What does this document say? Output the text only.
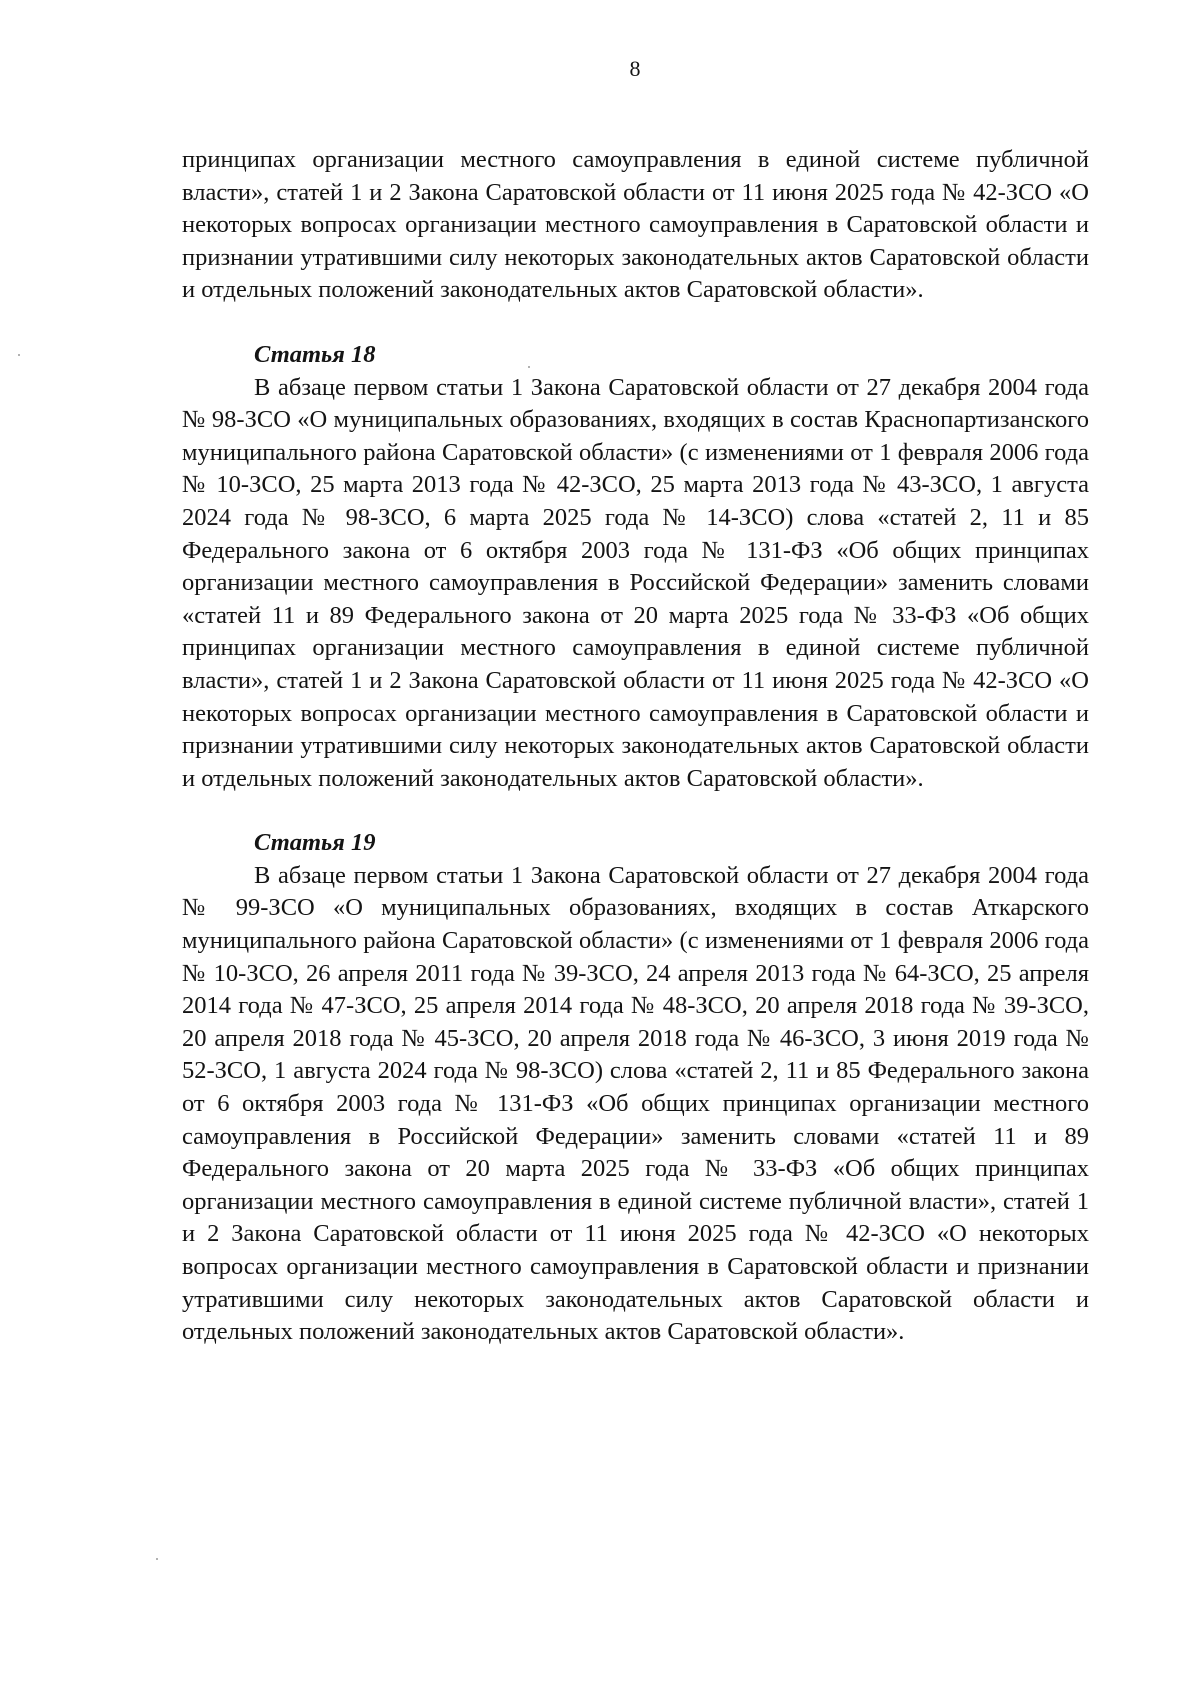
8

принципах организации местного самоуправления в единой системе публичной власти», статей 1 и 2 Закона Саратовской области от 11 июня 2025 года № 42-ЗСО «О некоторых вопросах организации местного самоуправления в Саратовской области и признании утратившими силу некоторых законодательных актов Саратовской области и отдельных положений законодательных актов Саратовской области».

Статья 18

В абзаце первом статьи 1 Закона Саратовской области от 27 декабря 2004 года № 98-ЗСО «О муниципальных образованиях, входящих в состав Краснопартизанского муниципального района Саратовской области» (с изменениями от 1 февраля 2006 года № 10-ЗСО, 25 марта 2013 года № 42-ЗСО, 25 марта 2013 года № 43-ЗСО, 1 августа 2024 года № 98-ЗСО, 6 марта 2025 года № 14-ЗСО) слова «статей 2, 11 и 85 Федерального закона от 6 октября 2003 года № 131-ФЗ «Об общих принципах организации местного самоуправления в Российской Федерации» заменить словами «статей 11 и 89 Федерального закона от 20 марта 2025 года № 33-ФЗ «Об общих принципах организации местного самоуправления в единой системе публичной власти», статей 1 и 2 Закона Саратовской области от 11 июня 2025 года № 42-ЗСО «О некоторых вопросах организации местного самоуправления в Саратовской области и признании утратившими силу некоторых законодательных актов Саратовской области и отдельных положений законодательных актов Саратовской области».

Статья 19

В абзаце первом статьи 1 Закона Саратовской области от 27 декабря 2004 года № 99-ЗСО «О муниципальных образованиях, входящих в состав Аткарского муниципального района Саратовской области» (с изменениями от 1 февраля 2006 года № 10-ЗСО, 26 апреля 2011 года № 39-ЗСО, 24 апреля 2013 года № 64-ЗСО, 25 апреля 2014 года № 47-ЗСО, 25 апреля 2014 года № 48-ЗСО, 20 апреля 2018 года № 39-ЗСО, 20 апреля 2018 года № 45-ЗСО, 20 апреля 2018 года № 46-ЗСО, 3 июня 2019 года № 52-ЗСО, 1 августа 2024 года № 98-ЗСО) слова «статей 2, 11 и 85 Федерального закона от 6 октября 2003 года № 131-ФЗ «Об общих принципах организации местного самоуправления в Российской Федерации» заменить словами «статей 11 и 89 Федерального закона от 20 марта 2025 года № 33-ФЗ «Об общих принципах организации местного самоуправления в единой системе публичной власти», статей 1 и 2 Закона Саратовской области от 11 июня 2025 года № 42-ЗСО «О некоторых вопросах организации местного самоуправления в Саратовской области и признании утратившими силу некоторых законодательных актов Саратовской области и отдельных положений законодательных актов Саратовской области».
